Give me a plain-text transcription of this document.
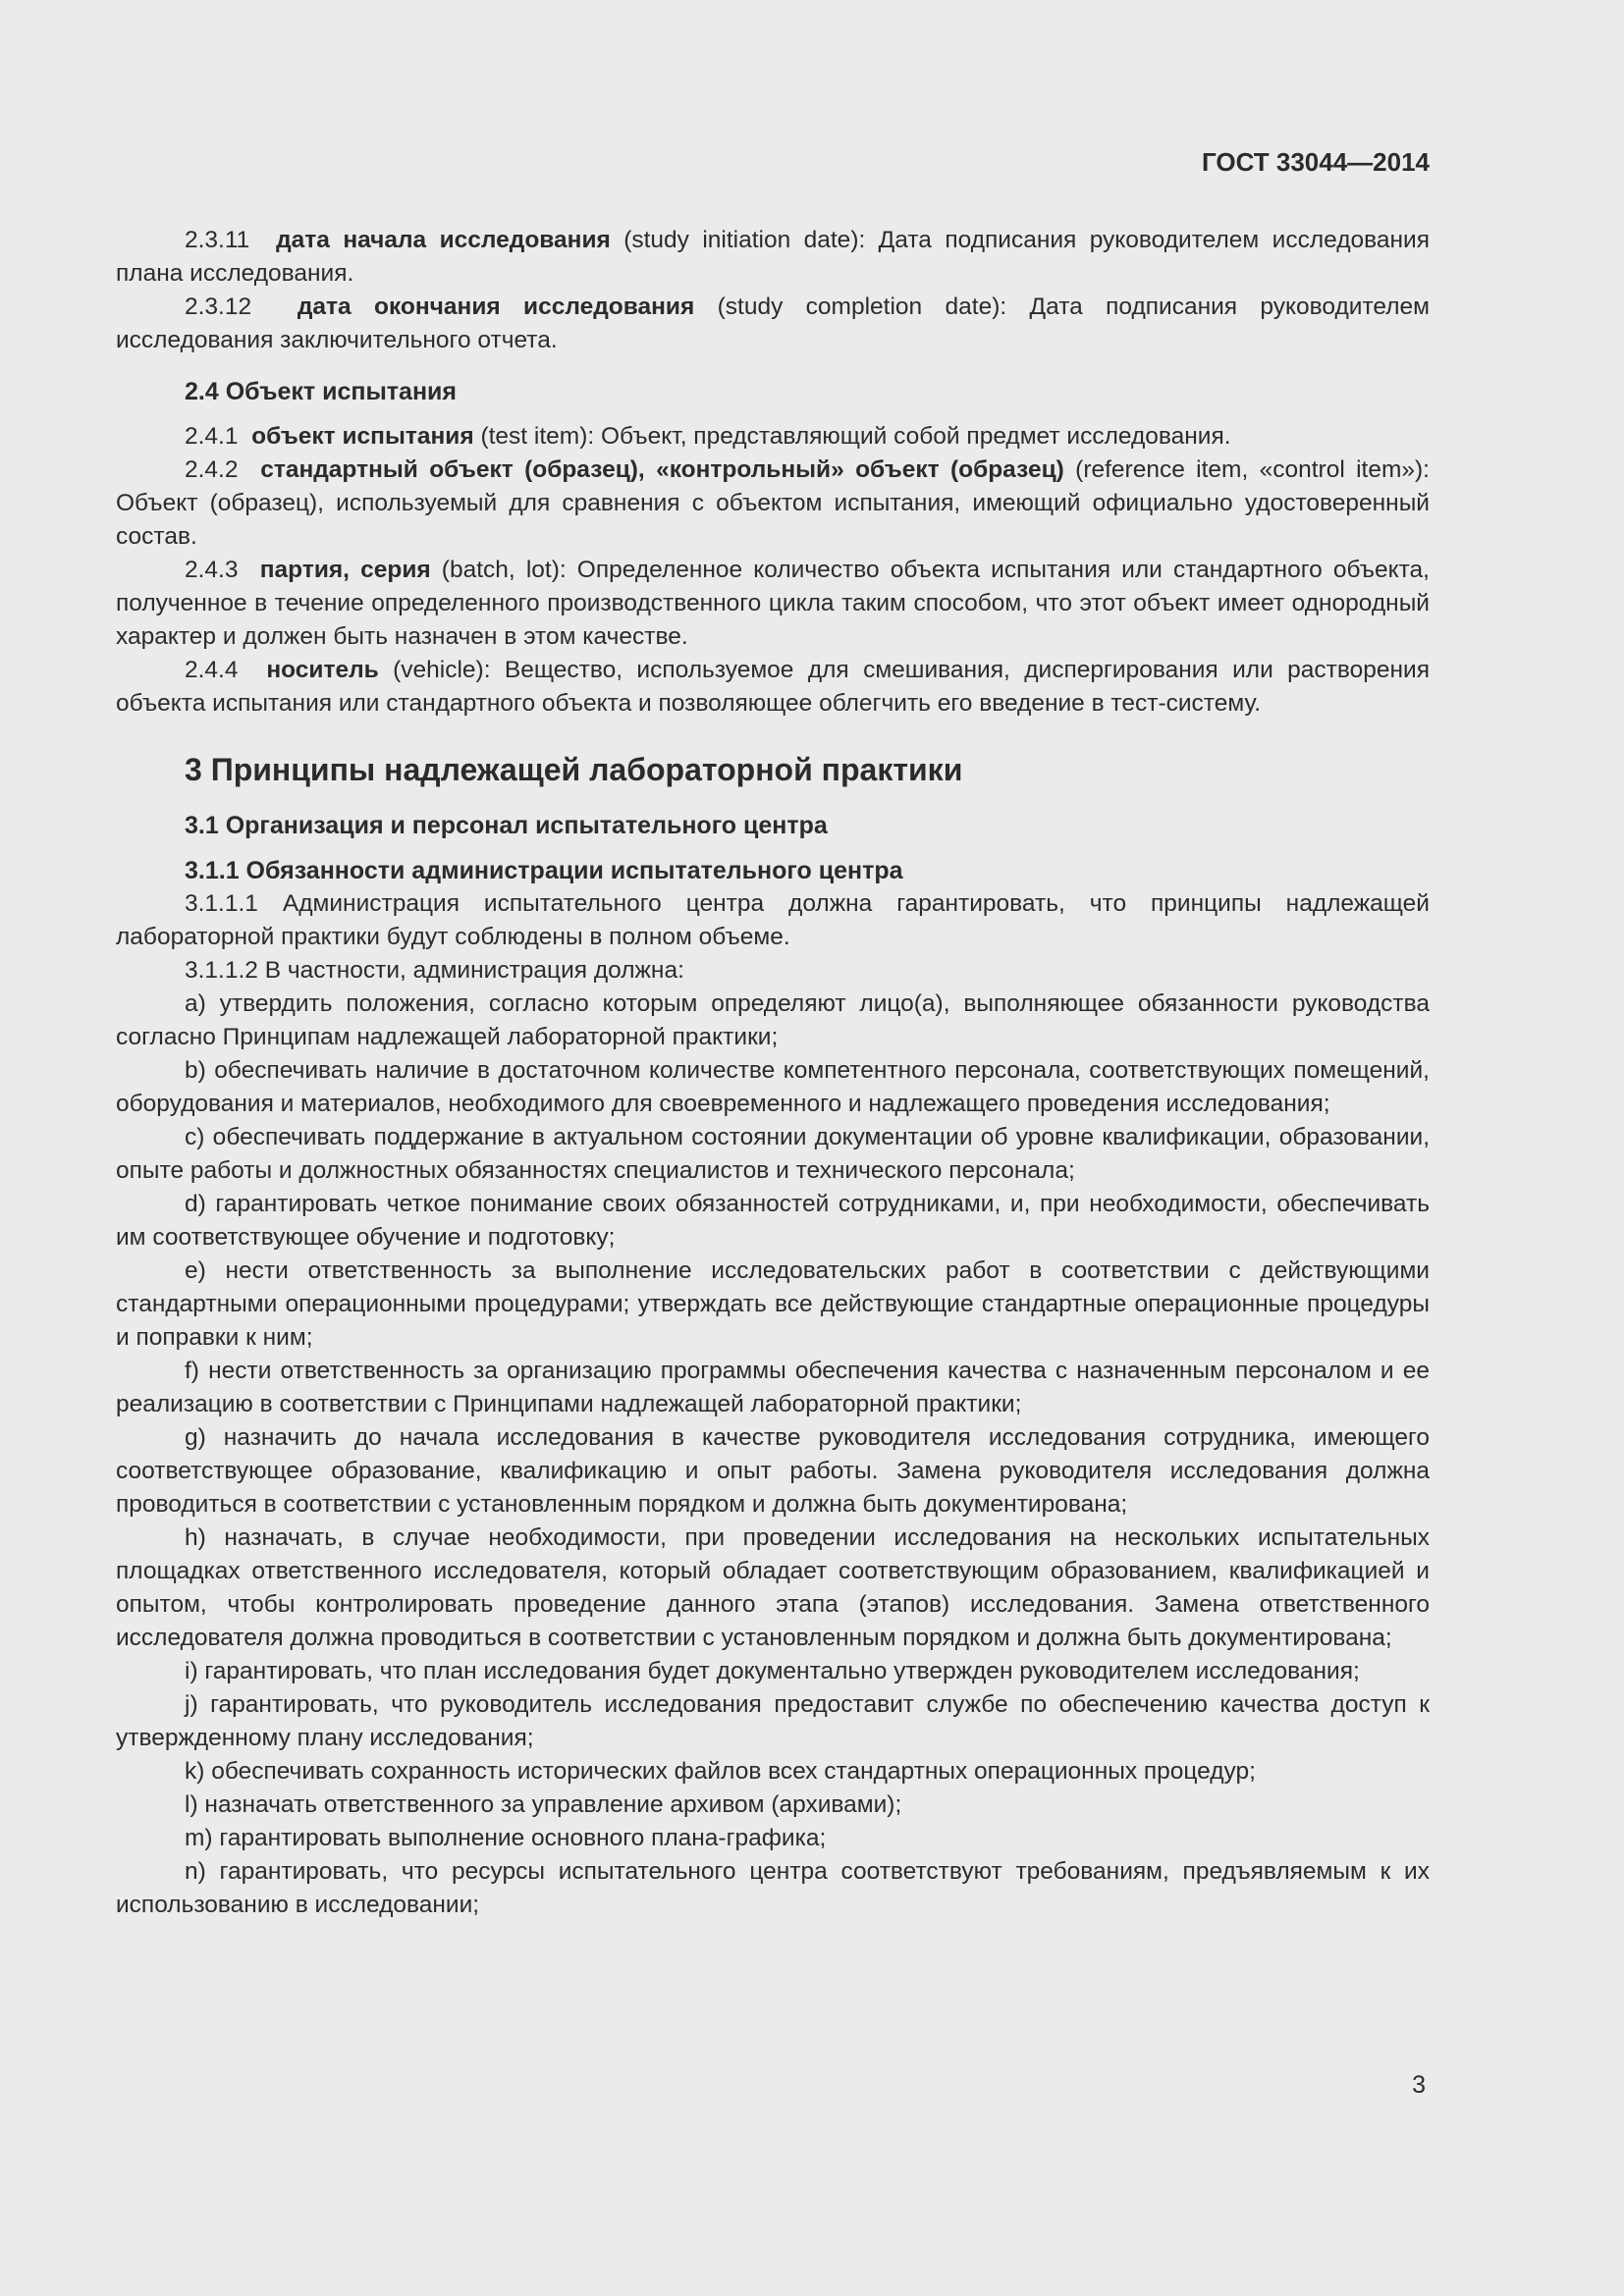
ГОСТ 33044—2014

2.3.11 дата начала исследования (study initiation date): Дата подписания руководителем исследования плана исследования.

2.3.12 дата окончания исследования (study completion date): Дата подписания руководителем исследования заключительного отчета.

2.4 Объект испытания

2.4.1 объект испытания (test item): Объект, представляющий собой предмет исследования.

2.4.2 стандартный объект (образец), «контрольный» объект (образец) (reference item, «control item»): Объект (образец), используемый для сравнения с объектом испытания, имеющий официально удостоверенный состав.

2.4.3 партия, серия (batch, lot): Определенное количество объекта испытания или стандартного объекта, полученное в течение определенного производственного цикла таким способом, что этот объект имеет однородный характер и должен быть назначен в этом качестве.

2.4.4 носитель (vehicle): Вещество, используемое для смешивания, диспергирования или растворения объекта испытания или стандартного объекта и позволяющее облегчить его введение в тест-систему.

3 Принципы надлежащей лабораторной практики
3.1 Организация и персонал испытательного центра
3.1.1 Обязанности администрации испытательного центра

3.1.1.1 Администрация испытательного центра должна гарантировать, что принципы надлежащей лабораторной практики будут соблюдены в полном объеме.

3.1.1.2 В частности, администрация должна:

a) утвердить положения, согласно которым определяют лицо(а), выполняющее обязанности руководства согласно Принципам надлежащей лабораторной практики;

b) обеспечивать наличие в достаточном количестве компетентного персонала, соответствующих помещений, оборудования и материалов, необходимого для своевременного и надлежащего проведения исследования;

c) обеспечивать поддержание в актуальном состоянии документации об уровне квалификации, образовании, опыте работы и должностных обязанностях специалистов и технического персонала;

d) гарантировать четкое понимание своих обязанностей сотрудниками, и, при необходимости, обеспечивать им соответствующее обучение и подготовку;

e) нести ответственность за выполнение исследовательских работ в соответствии с действующими стандартными операционными процедурами; утверждать все действующие стандартные операционные процедуры и поправки к ним;

f) нести ответственность за организацию программы обеспечения качества с назначенным персоналом и ее реализацию в соответствии с Принципами надлежащей лабораторной практики;

g) назначить до начала исследования в качестве руководителя исследования сотрудника, имеющего соответствующее образование, квалификацию и опыт работы. Замена руководителя исследования должна проводиться в соответствии с установленным порядком и должна быть документирована;

h) назначать, в случае необходимости, при проведении исследования на нескольких испытательных площадках ответственного исследователя, который обладает соответствующим образованием, квалификацией и опытом, чтобы контролировать проведение данного этапа (этапов) исследования. Замена ответственного исследователя должна проводиться в соответствии с установленным порядком и должна быть документирована;

i) гарантировать, что план исследования будет документально утвержден руководителем исследования;

j) гарантировать, что руководитель исследования предоставит службе по обеспечению качества доступ к утвержденному плану исследования;

k) обеспечивать сохранность исторических файлов всех стандартных операционных процедур;

l) назначать ответственного за управление архивом (архивами);

m) гарантировать выполнение основного плана-графика;

n) гарантировать, что ресурсы испытательного центра соответствуют требованиям, предъявляемым к их использованию в исследовании;

3
